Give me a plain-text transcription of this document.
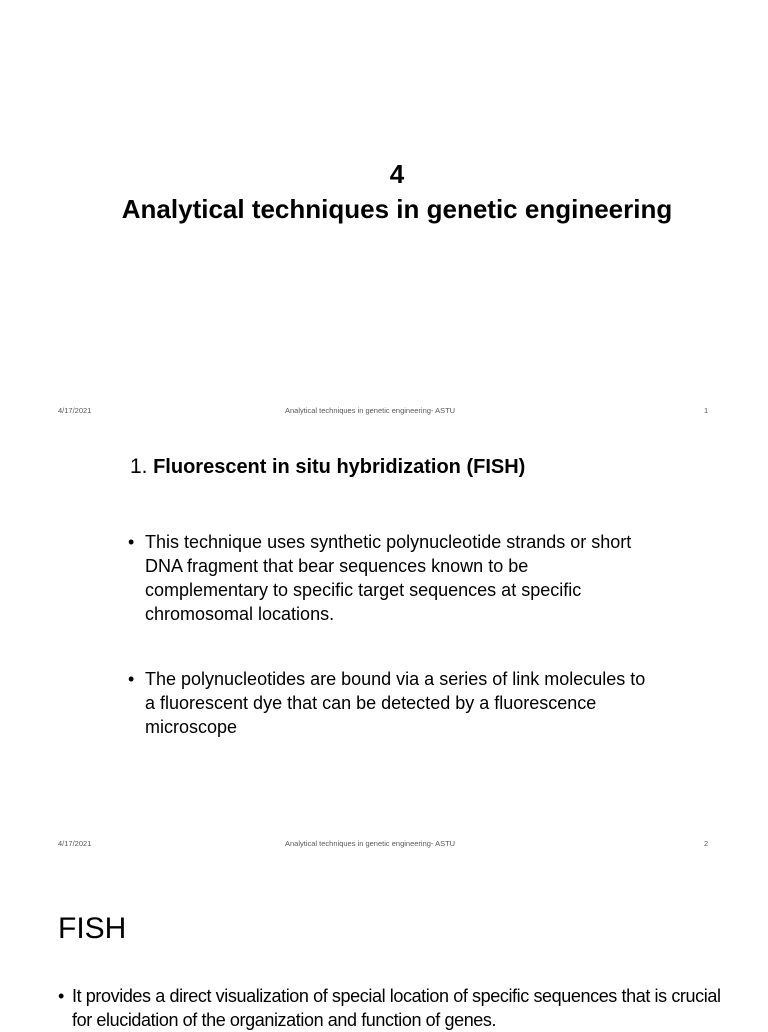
4
Analytical techniques in genetic engineering
4/17/2021	Analytical techniques in genetic engineering- ASTU	1
1. Fluorescent in situ hybridization (FISH)
• This technique uses synthetic polynucleotide strands or short DNA fragment that bear sequences known to be complementary to specific target sequences at specific chromosomal locations.
• The polynucleotides are bound via a series of link molecules to a fluorescent dye that can be detected by a fluorescence microscope
4/17/2021	Analytical techniques in genetic engineering- ASTU	2
FISH
• It provides a direct visualization of special location of specific sequences that is crucial for elucidation of the organization and function of genes.
